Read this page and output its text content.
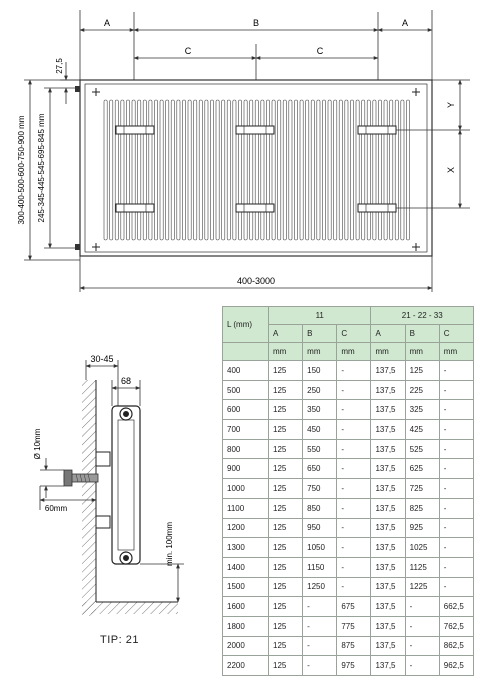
A	B	A
C	C
27,5
300-400-500-600-750-900 mm 245-345-445-545-695-845 mm
Y
X
400-3000
30-45
68
Ø 10mm
60mm
min. 100mm
TIP: 21
L (mm)	11			21 - 22 - 33		
	A	B	C	A	B	C
	mm	mm	mm	mm	mm	mm
400	125	150	-	137,5	125	-
500	125	250	-	137,5	225	-
600	125	350	-	137,5	325	-
700	125	450	-	137,5	425	-
800	125	550	-	137,5	525	-
900	125	650	-	137,5	625	-
1000	125	750	-	137,5	725	-
1100	125	850	-	137,5	825	-
1200	125	950	-	137,5	925	-
1300	125	1050	-	137,5	1025	-
1400	125	1150	-	137,5	1125	-
1500	125	1250	-	137,5	1225	-
1600	125	-	675	137,5	-	662,5
1800	125	-	775	137,5	-	762,5
2000	125	-	875	137,5	-	862,5
2200	125	-	975	137,5	-	962,5
